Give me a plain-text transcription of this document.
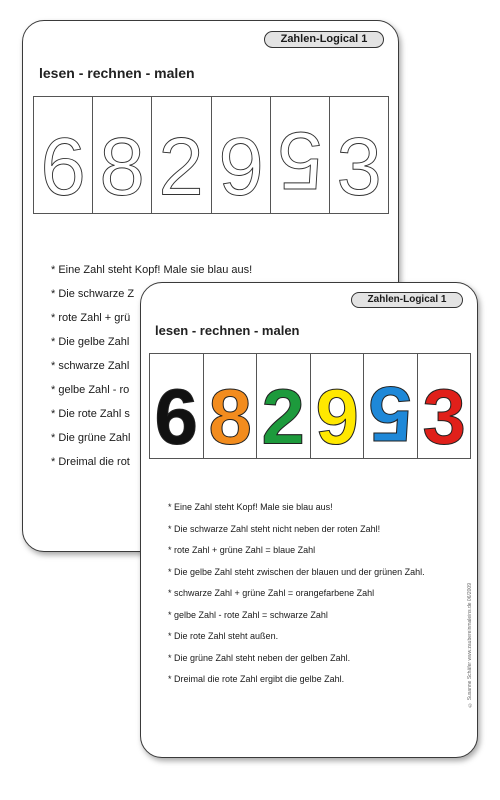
Zahlen-Logical 1
lesen - rechnen - malen
6 8 2 9 5 3
* Eine Zahl steht Kopf! Male sie blau aus!
* Die schwarze Z
* rote Zahl + grü
* Die gelbe Zahl
* schwarze Zahl
* gelbe Zahl - ro
* Die rote Zahl s
* Die grüne Zahl
* Dreimal die rot
Zahlen-Logical 1
lesen - rechnen - malen
6 8 2 9 5 3
* Eine Zahl steht Kopf! Male sie blau aus!
* Die schwarze Zahl steht nicht neben der roten Zahl!
* rote Zahl + grüne Zahl = blaue Zahl
* Die gelbe Zahl steht zwischen der blauen und der grünen Zahl.
* schwarze Zahl + grüne Zahl = orangefarbene Zahl
* gelbe Zahl - rote Zahl = schwarze Zahl
* Die rote Zahl steht außen.
* Die grüne Zahl steht neben der gelben Zahl.
* Dreimal die rote Zahl ergibt die gelbe Zahl.	© Susanne Schäfer www.zaubereinmaleins.de 06/2009
